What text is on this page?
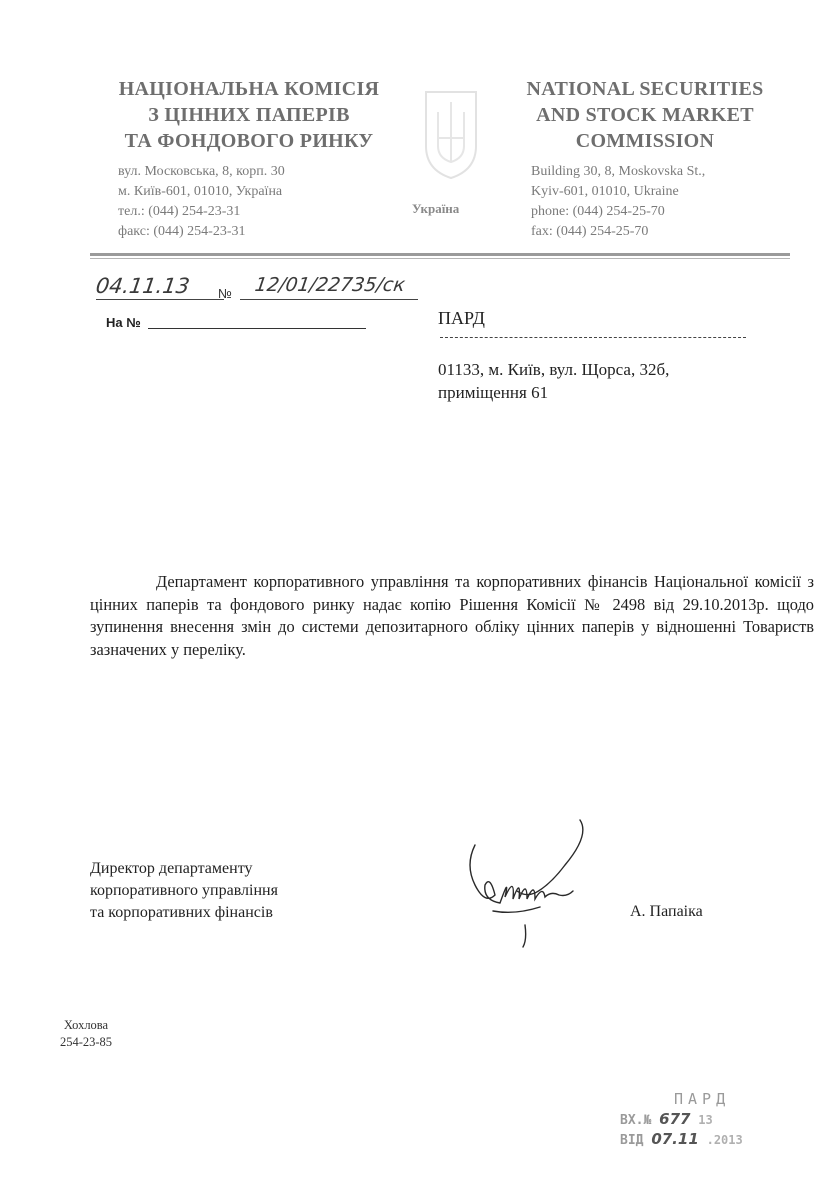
НАЦІОНАЛЬНА КОМІСІЯ
З ЦІННИХ ПАПЕРІВ
ТА ФОНДОВОГО РИНКУ
вул. Московська, 8, корп. 30
м. Київ-601, 01010, Україна
тел.: (044) 254-23-31
факс: (044) 254-23-31
Україна
NATIONAL SECURITIES
AND STOCK MARKET
COMMISSION
Building 30, 8, Moskovska St.,
Kyiv-601, 01010, Ukraine
phone: (044) 254-25-70
fax: (044) 254-25-70
04.11.13 № 12/01/22735/ск
На №	ПАРД
01133, м. Київ, вул. Щорса, 32б,
приміщення 61
Департамент корпоративного управління та корпоративних фінансів Національної комісії з цінних паперів та фондового ринку надає копію Рішення Комісії № 2498 від 29.10.2013р. щодо зупинення внесення змін до системи депозитарного обліку цінних паперів у відношенні Товариств зазначених у переліку.
Директор департаменту
корпоративного управління
та корпоративних фінансів	А. Папаіка
Хохлова
254-23-85
ПАРД
ВХ.№ 677 13
ВІД 07.11 .2013
